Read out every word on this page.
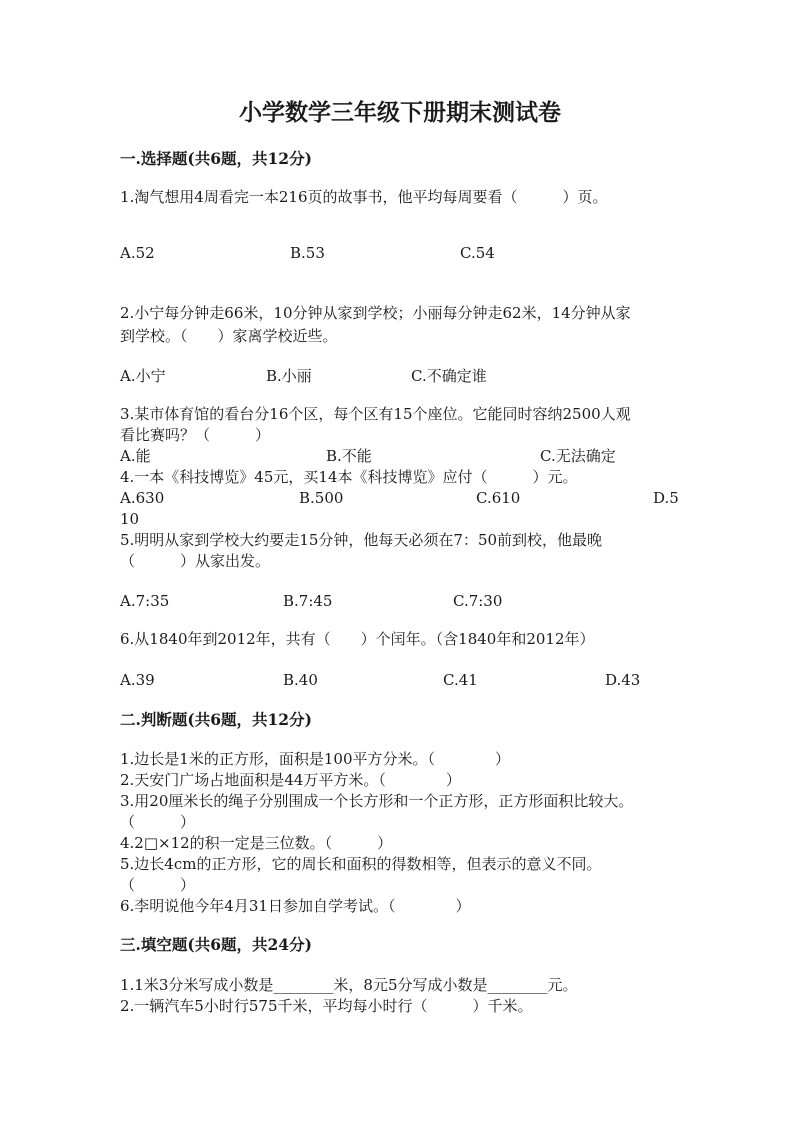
小学数学三年级下册期末测试卷
一.选择题(共6题，共12分)
1.淘气想用4周看完一本216页的故事书，他平均每周要看（　　　）页。
A.52	B.53	C.54
2.小宁每分钟走66米，10分钟从家到学校；小丽每分钟走62米，14分钟从家
到学校。（　　）家离学校近些。
A.小宁	B.小丽	C.不确定谁
3.某市体育馆的看台分16个区，每个区有15个座位。它能同时容纳2500人观
看比赛吗？（　　　）
A.能	B.不能	C.无法确定
4.一本《科技博览》45元，买14本《科技博览》应付（　　　）元。
A.630	B.500	C.610	D.5
10
5.明明从家到学校大约要走15分钟，他每天必须在7：50前到校，他最晚
（　　　）从家出发。
A.7:35	B.7:45	C.7:30
6.从1840年到2012年，共有（　　）个闰年。（含1840年和2012年）
A.39	B.40	C.41	D.43
二.判断题(共6题，共12分)
1.边长是1米的正方形，面积是100平方分米。（　　　　）
2.天安门广场占地面积是44万平方米。（　　　　）
3.用20厘米长的绳子分别围成一个长方形和一个正方形，正方形面积比较大。
（　　　）
4.2□×12的积一定是三位数。（　　　）
5.边长4cm的正方形，它的周长和面积的得数相等，但表示的意义不同。
（　　　）
6.李明说他今年4月31日参加自学考试。（　　　　）
三.填空题(共6题，共24分)
1.1米3分米写成小数是________米，8元5分写成小数是________元。
2.一辆汽车5小时行575千米，平均每小时行（　　　）千米。
